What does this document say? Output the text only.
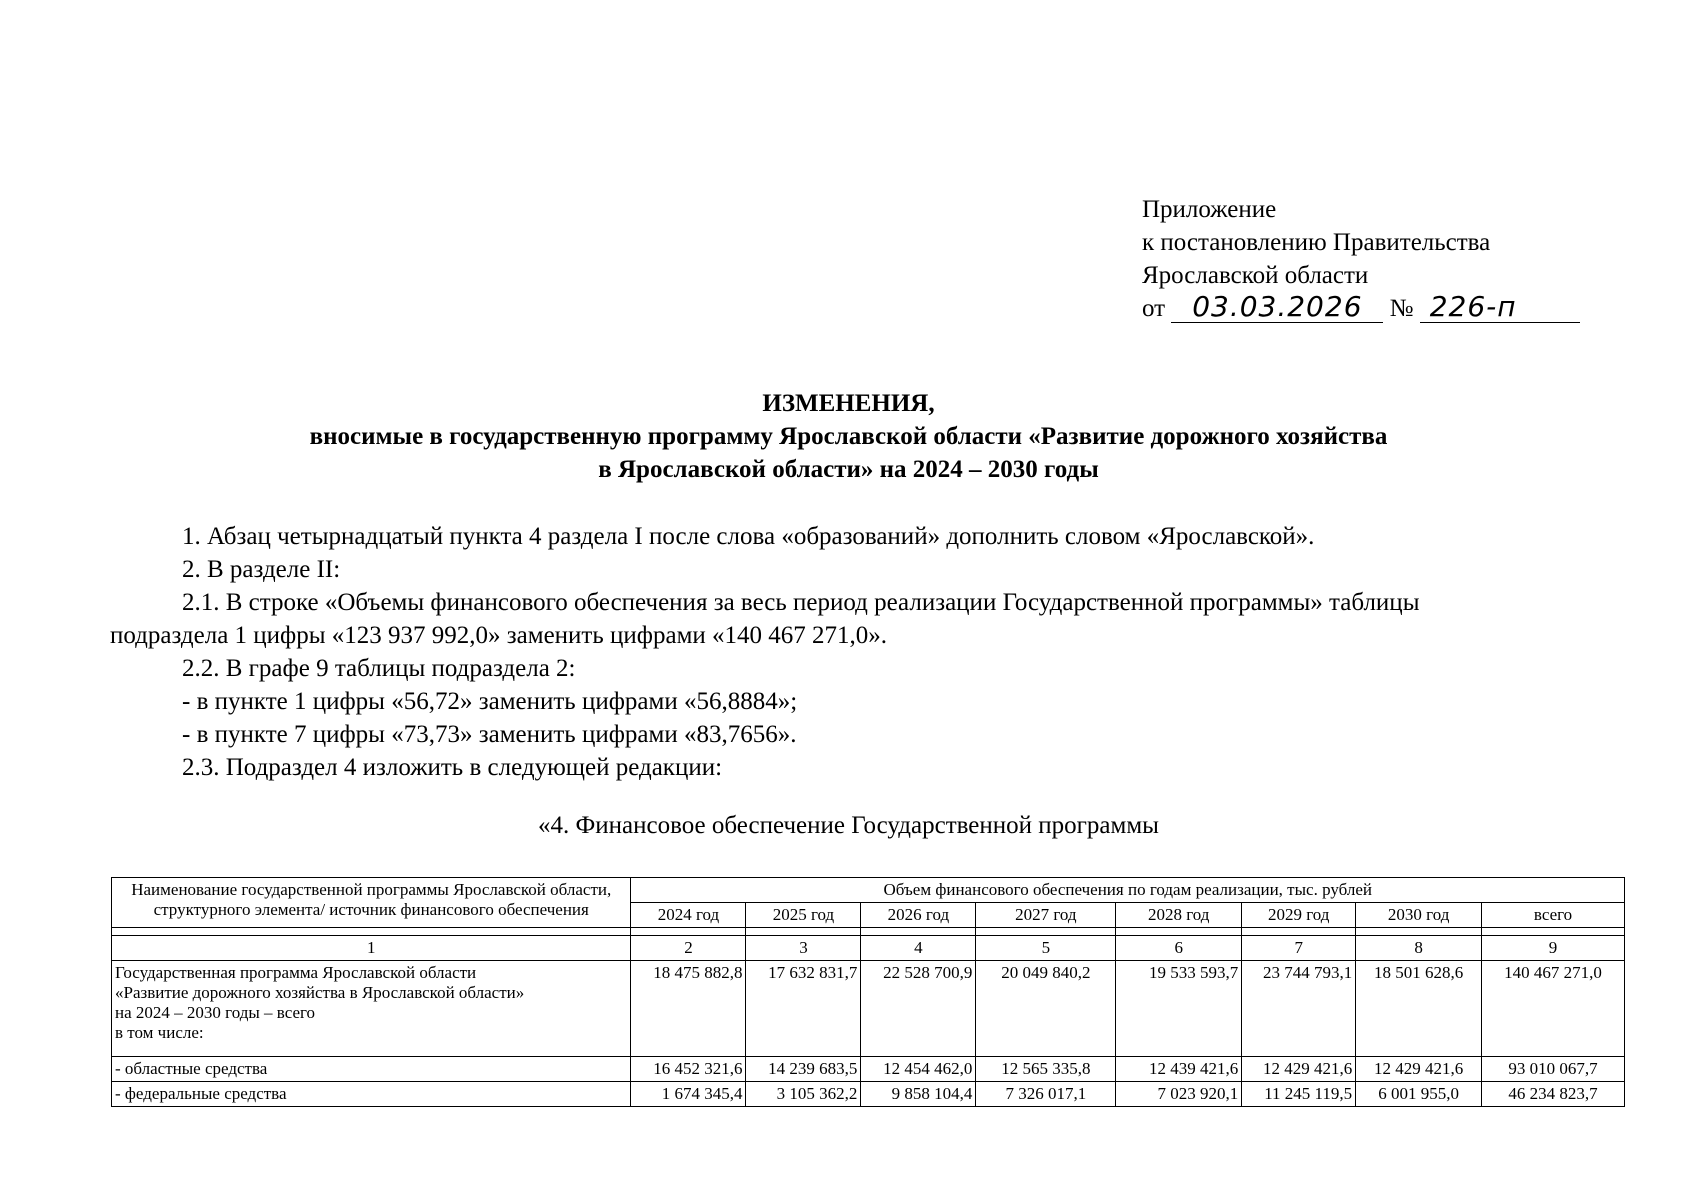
Приложение
к постановлению Правительства
Ярославской области
от 03.03.2026 № 226-п
ИЗМЕНЕНИЯ,
вносимые в государственную программу Ярославской области «Развитие дорожного хозяйства
в Ярославской области» на 2024 – 2030 годы

1. Абзац четырнадцатый пункта 4 раздела I после слова «образований» дополнить словом «Ярославской».

2. В разделе II:

2.1. В строке «Объемы финансового обеспечения за весь период реализации Государственной программы» таблицы

подраздела 1 цифры «123 937 992,0» заменить цифрами «140 467 271,0».

2.2. В графе 9 таблицы подраздела 2:

- в пункте 1 цифры «56,72» заменить цифрами «56,8884»;

- в пункте 7 цифры «73,73» заменить цифрами «83,7656».

2.3. Подраздел 4 изложить в следующей редакции:

«4. Финансовое обеспечение Государственной программы
Наименование государственной программы Ярославской области, структурного элемента/ источник финансового обеспечения	Объем финансового обеспечения по годам реализации, тыс. рублей							
	2024 год	2025 год	2026 год	2027 год	2028 год	2029 год	2030 год	всего

1	2	3	4	5	6	7	8	9

Государственная программа Ярославской области
«Развитие дорожного хозяйства в Ярославской области»
на 2024 – 2030 годы – всего
в том числе:	18 475 882,8	17 632 831,7	22 528 700,9	20 049 840,2	19 533 593,7	23 744 793,1	18 501 628,6	140 467 271,0
- областные средства	16 452 321,6	14 239 683,5	12 454 462,0	12 565 335,8	12 439 421,6	12 429 421,6	12 429 421,6	93 010 067,7
- федеральные средства	1 674 345,4	3 105 362,2	9 858 104,4	7 326 017,1	7 023 920,1	11 245 119,5	6 001 955,0	46 234 823,7
